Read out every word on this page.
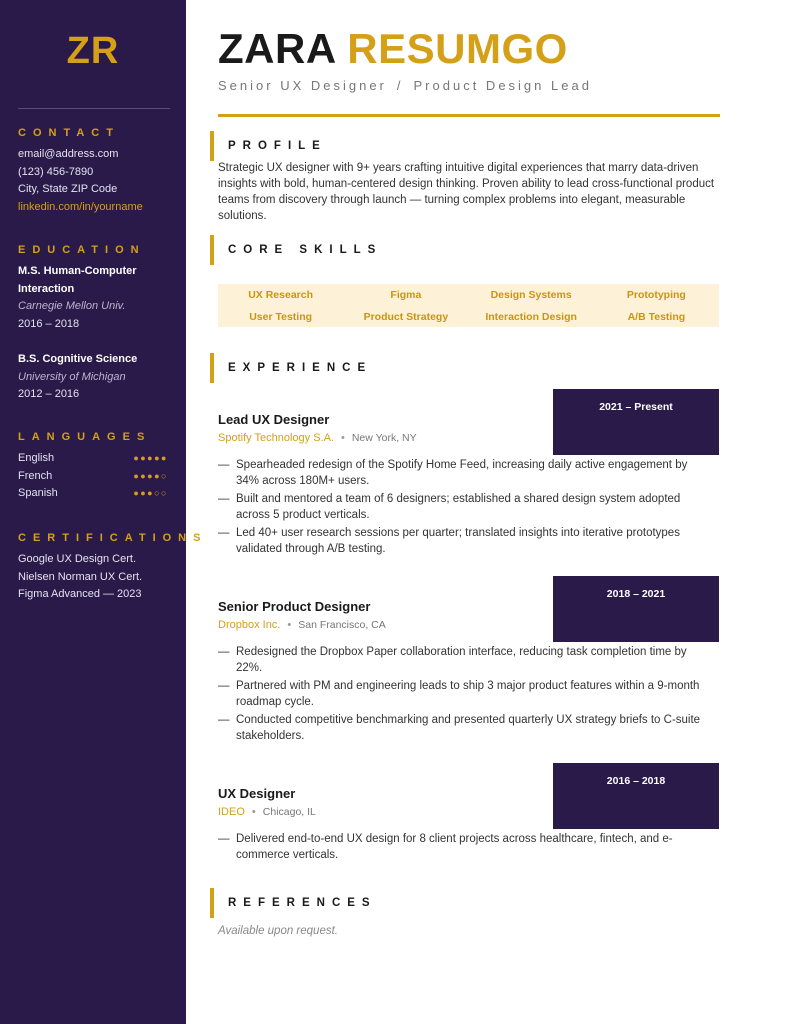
ZR
CONTACT
email@address.com
(123) 456-7890
City, State ZIP Code
linkedin.com/in/yourname
EDUCATION
M.S. Human-Computer
Interaction
Carnegie Mellon Univ.
2016 – 2018
B.S. Cognitive Science
University of Michigan
2012 – 2016
LANGUAGES
English	●●●●●
French	●●●●○
Spanish	●●●○○
CERTIFICATIONS
Google UX Design Cert.
Nielsen Norman UX Cert.
Figma Advanced — 2023
ZARA RESUMGO
Senior UX Designer / Product Design Lead
PROFILE

Strategic UX designer with 9+ years crafting intuitive digital experiences that marry data-driven insights with bold, human-centered design thinking. Proven ability to lead cross-functional product teams from discovery through launch — turning complex problems into elegant, measurable solutions.

CORE SKILLS
UX Research	Figma	Design Systems	Prototyping
User Testing	Product Strategy	Interaction Design	A/B Testing
EXPERIENCE
2021 – Present
Lead UX Designer
Spotify Technology S.A. • New York, NY
— Spearheaded redesign of the Spotify Home Feed, increasing daily active engagement by 34% across 180M+ users.
— Built and mentored a team of 6 designers; established a shared design system adopted across 5 product verticals.
— Led 40+ user research sessions per quarter; translated insights into iterative prototypes validated through A/B testing.
2018 – 2021
Senior Product Designer
Dropbox Inc. • San Francisco, CA
— Redesigned the Dropbox Paper collaboration interface, reducing task completion time by 22%.
— Partnered with PM and engineering leads to ship 3 major product features within a 9-month roadmap cycle.
— Conducted competitive benchmarking and presented quarterly UX strategy briefs to C-suite stakeholders.
2016 – 2018
UX Designer
IDEO • Chicago, IL
— Delivered end-to-end UX design for 8 client projects across healthcare, fintech, and e-commerce verticals.
REFERENCES
Available upon request.
